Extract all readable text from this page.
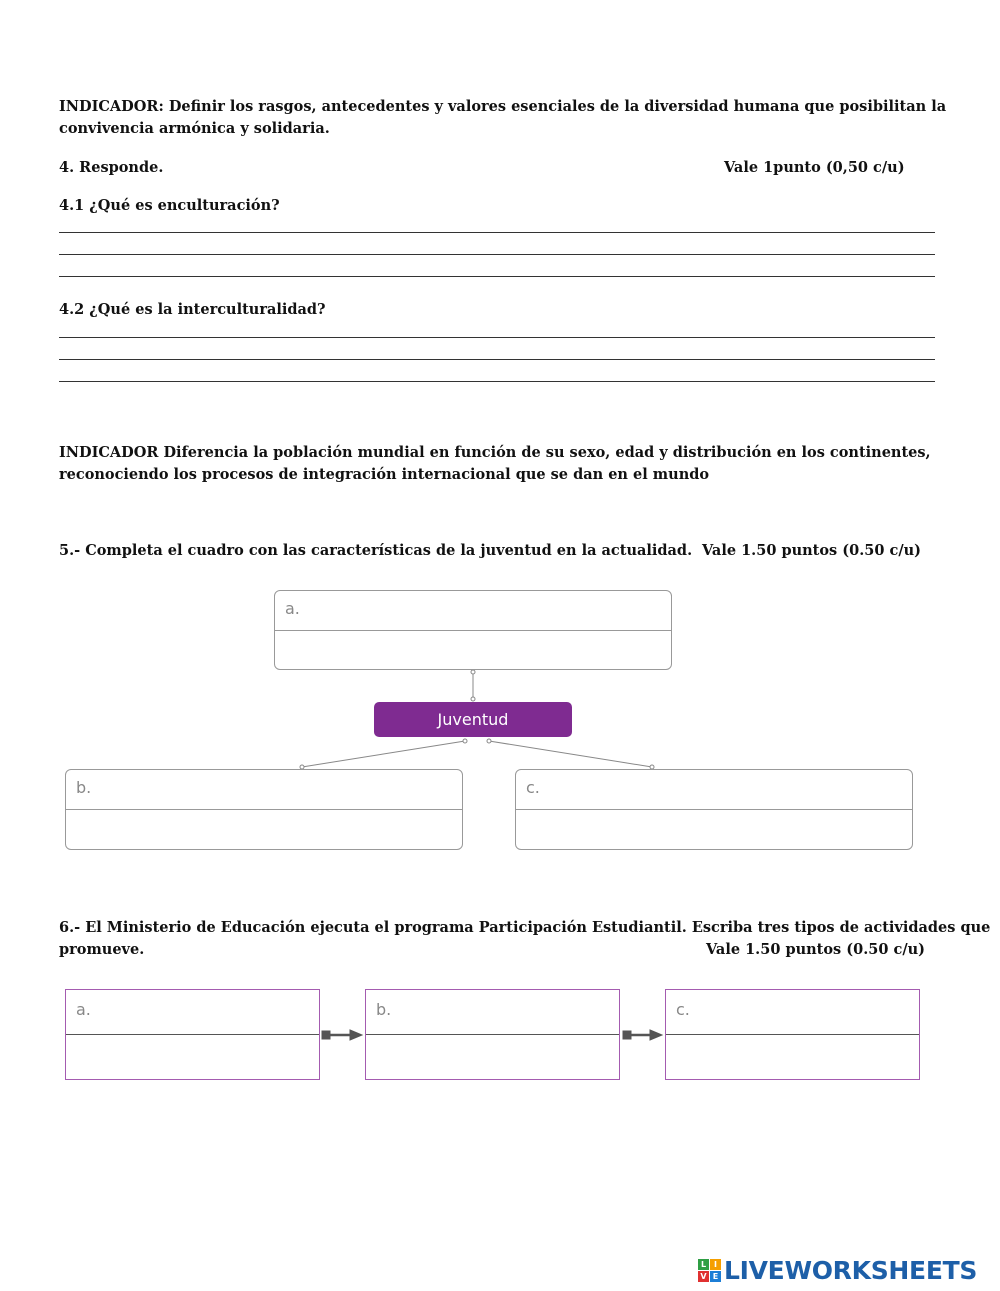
INDICADOR: Definir los rasgos, antecedentes y valores esenciales de la diversidad humana que posibilitan la
convivencia armónica y solidaria.
4. Responde.	Vale 1punto (0,50 c/u)
4.1 ¿Qué es enculturación?
4.2 ¿Qué es la interculturalidad?
INDICADOR Diferencia la población mundial en función de su sexo, edad y distribución en los continentes,
reconociendo los procesos de integración internacional que se dan en el mundo
5.- Completa el cuadro con las características de la juventud en la actualidad. Vale 1.50 puntos (0.50 c/u)
a.
Juventud
b.	c.
6.- El Ministerio de Educación ejecuta el programa Participación Estudiantil. Escriba tres tipos de actividades que
promueve.	Vale 1.50 puntos (0.50 c/u)
a.	b.	c.
L I
V E LIVEWORKSHEETS
